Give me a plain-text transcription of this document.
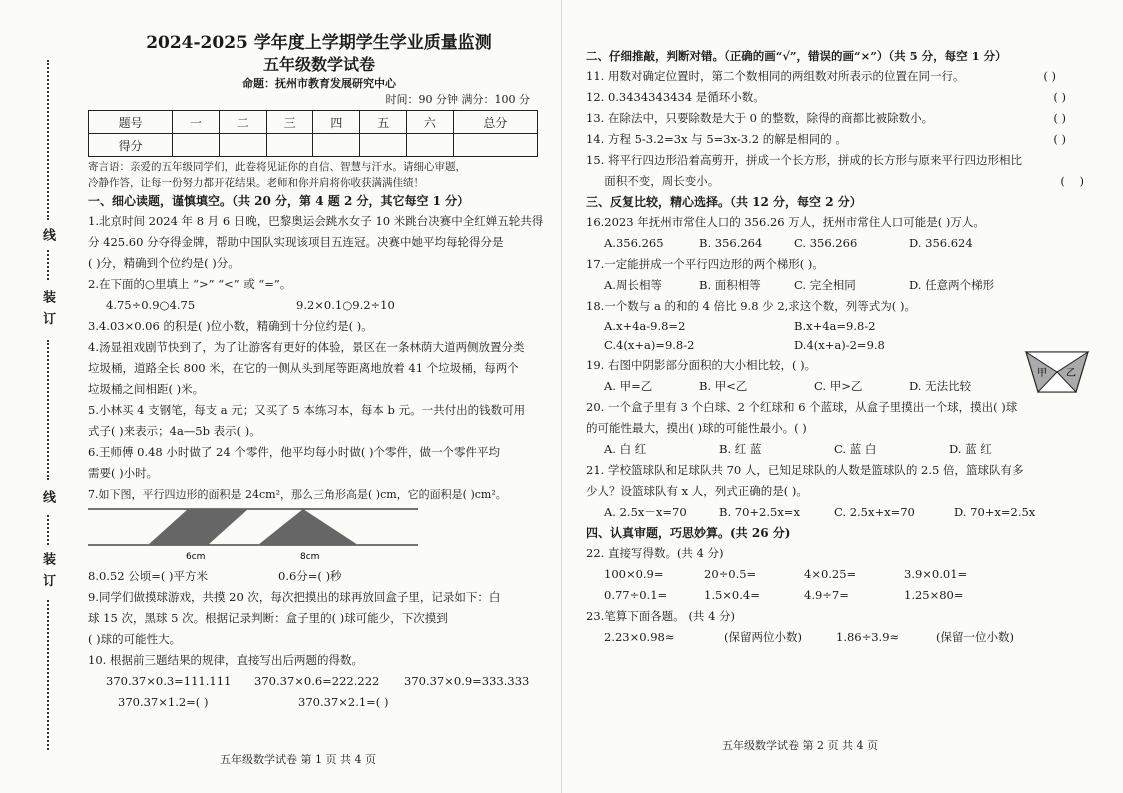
线
装 订
线
装 订
2024-2025 学年度上学期学生学业质量监测
五年级数学试卷
命题：抚州市教育发展研究中心
时间：90 分钟 满分：100 分
题号	一	二	三	四	五	六	总分
得分							
寄言语：亲爱的五年级同学们，此卷将见证你的自信、智慧与汗水。请细心审题，
冷静作答，让每一份努力都开花结果。老师和你并肩将你收获满满佳绩！
一、细心读题，谨慎填空。（共 20 分，第 4 题 2 分，其它每空 1 分）
1.北京时间 2024 年 8 月 6 日晚，巴黎奥运会跳水女子 10 米跳台决赛中全红婵五轮共得
分 425.60 分夺得金牌，帮助中国队实现该项目五连冠。决赛中她平均每轮得分是
( )分，精确到个位约是( )分。
2.在下面的○里填上 “>” “<” 或 “=”。
4.75÷0.9○4.75	9.2×0.1○9.2÷10
3.4.03×0.06 的积是( )位小数，精确到十分位约是( )。
4.汤显祖戏剧节快到了，为了让游客有更好的体验，景区在一条林荫大道两侧放置分类
垃圾桶，道路全长 800 米，在它的一侧从头到尾等距离地放着 41 个垃圾桶，每两个
垃圾桶之间相距( )米。
5.小林买 4 支钢笔，每支 a 元；又买了 5 本练习本，每本 b 元。一共付出的钱数可用
式子( )来表示；4a—5b 表示( )。
6.王师傅 0.48 小时做了 24 个零件，他平均每小时做( )个零件，做一个零件平均
需要( )小时。
7.如下图，平行四边形的面积是 24cm²，那么三角形高是( )cm，它的面积是( )cm²。
6cm	8cm
8.0.52 公顷=( )平方米	0.6分=( )秒
9.同学们做摸球游戏，共摸 20 次，每次把摸出的球再放回盒子里，记录如下：白
球 15 次，黑球 5 次。根据记录判断：盒子里的( )球可能少，下次摸到
( )球的可能性大。
10. 根据前三题结果的规律，直接写出后两题的得数。
370.37×0.3=111.111	370.37×0.6=222.222	370.37×0.9=333.333
370.37×1.2=( )	370.37×2.1=( )
五年级数学试卷 第 1 页 共 4 页
二、仔细推敲，判断对错。（正确的画“√”，错误的画“×”）（共 5 分，每空 1 分）
11. 用数对确定位置时，第二个数相同的两组数对所表示的位置在同一行。	( )
12. 0.3434343434 是循环小数。	( )
13. 在除法中，只要除数是大于 0 的整数，除得的商都比被除数小。	( )
14. 方程 5-3.2=3x 与 5=3x-3.2 的解是相同的 。	( )
15. 将平行四边形沿着高剪开，拼成一个长方形，拼成的长方形与原来平行四边形相比
面积不变，周长变小。	(    )
三、反复比较，精心选择。（共 12 分，每空 2 分）
16.2023 年抚州市常住人口的 356.26 万人，抚州市常住人口可能是( )万人。
A.356.265	B. 356.264	C. 356.266	D. 356.624
17.一定能拼成一个平行四边形的两个梯形( )。
A.周长相等	B. 面积相等	C. 完全相同	D. 任意两个梯形
18.一个数与 a 的和的 4 倍比 9.8 少 2,求这个数，列等式为( )。
A.x+4a-9.8=2	B.x+4a=9.8-2
C.4(x+a)=9.8-2	D.4(x+a)-2=9.8
19. 右图中阴影部分面积的大小相比较，( )。
A. 甲=乙	B. 甲<乙	C. 甲>乙	D. 无法比较
甲 乙
20. 一个盒子里有 3 个白球、2 个红球和 6 个蓝球，从盒子里摸出一个球，摸出( )球
的可能性最大，摸出( )球的可能性最小。( )
A. 白 红	B. 红 蓝	C. 蓝 白	D. 蓝 红
21. 学校篮球队和足球队共 70 人，已知足球队的人数是篮球队的 2.5 倍，篮球队有多
少人？设篮球队有 x 人，列式正确的是( )。
A. 2.5x－x=70	B. 70+2.5x=x	C. 2.5x+x=70	D. 70+x=2.5x
四、认真审题，巧思妙算。(共 26 分)
22. 直接写得数。(共 4 分)
100×0.9=	20÷0.5=	4×0.25=	3.9×0.01=
0.77÷0.1=	1.5×0.4=	4.9÷7=	1.25×80=
23.笔算下面各题。 (共 4 分)
2.23×0.98≈	(保留两位小数)	1.86÷3.9≈	(保留一位小数)
五年级数学试卷 第 2 页 共 4 页
